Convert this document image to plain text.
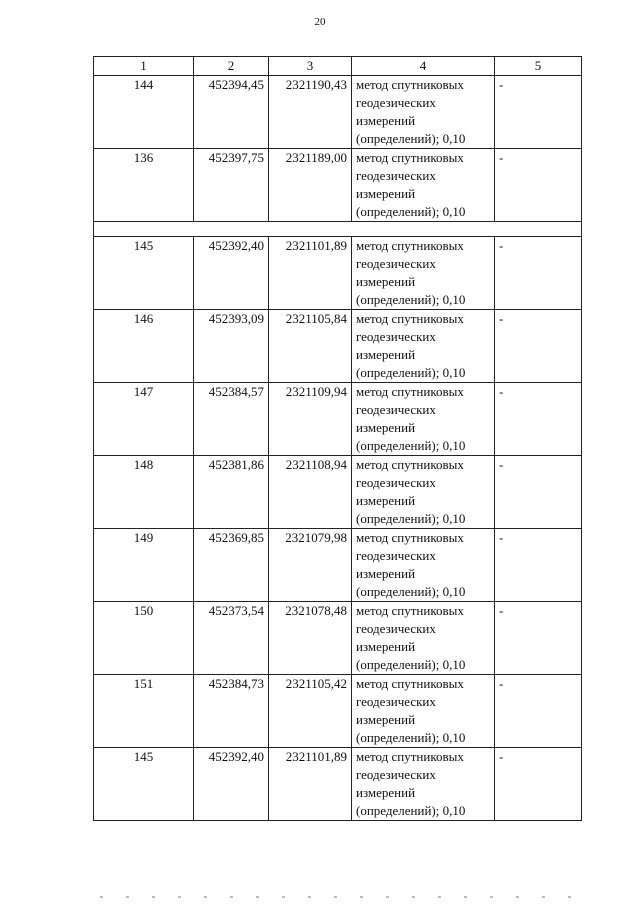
20
1	2	3	4	5
144	452394,45	2321190,43	метод спутниковых
геодезических
измерений
(определений); 0,10	-
136	452397,75	2321189,00	метод спутниковых
геодезических
измерений
(определений); 0,10	-

145	452392,40	2321101,89	метод спутниковых
геодезических
измерений
(определений); 0,10	-
146	452393,09	2321105,84	метод спутниковых
геодезических
измерений
(определений); 0,10	-
147	452384,57	2321109,94	метод спутниковых
геодезических
измерений
(определений); 0,10	-
148	452381,86	2321108,94	метод спутниковых
геодезических
измерений
(определений); 0,10	-
149	452369,85	2321079,98	метод спутниковых
геодезических
измерений
(определений); 0,10	-
150	452373,54	2321078,48	метод спутниковых
геодезических
измерений
(определений); 0,10	-
151	452384,73	2321105,42	метод спутниковых
геодезических
измерений
(определений); 0,10	-
145	452392,40	2321101,89	метод спутниковых
геодезических
измерений
(определений); 0,10	-
